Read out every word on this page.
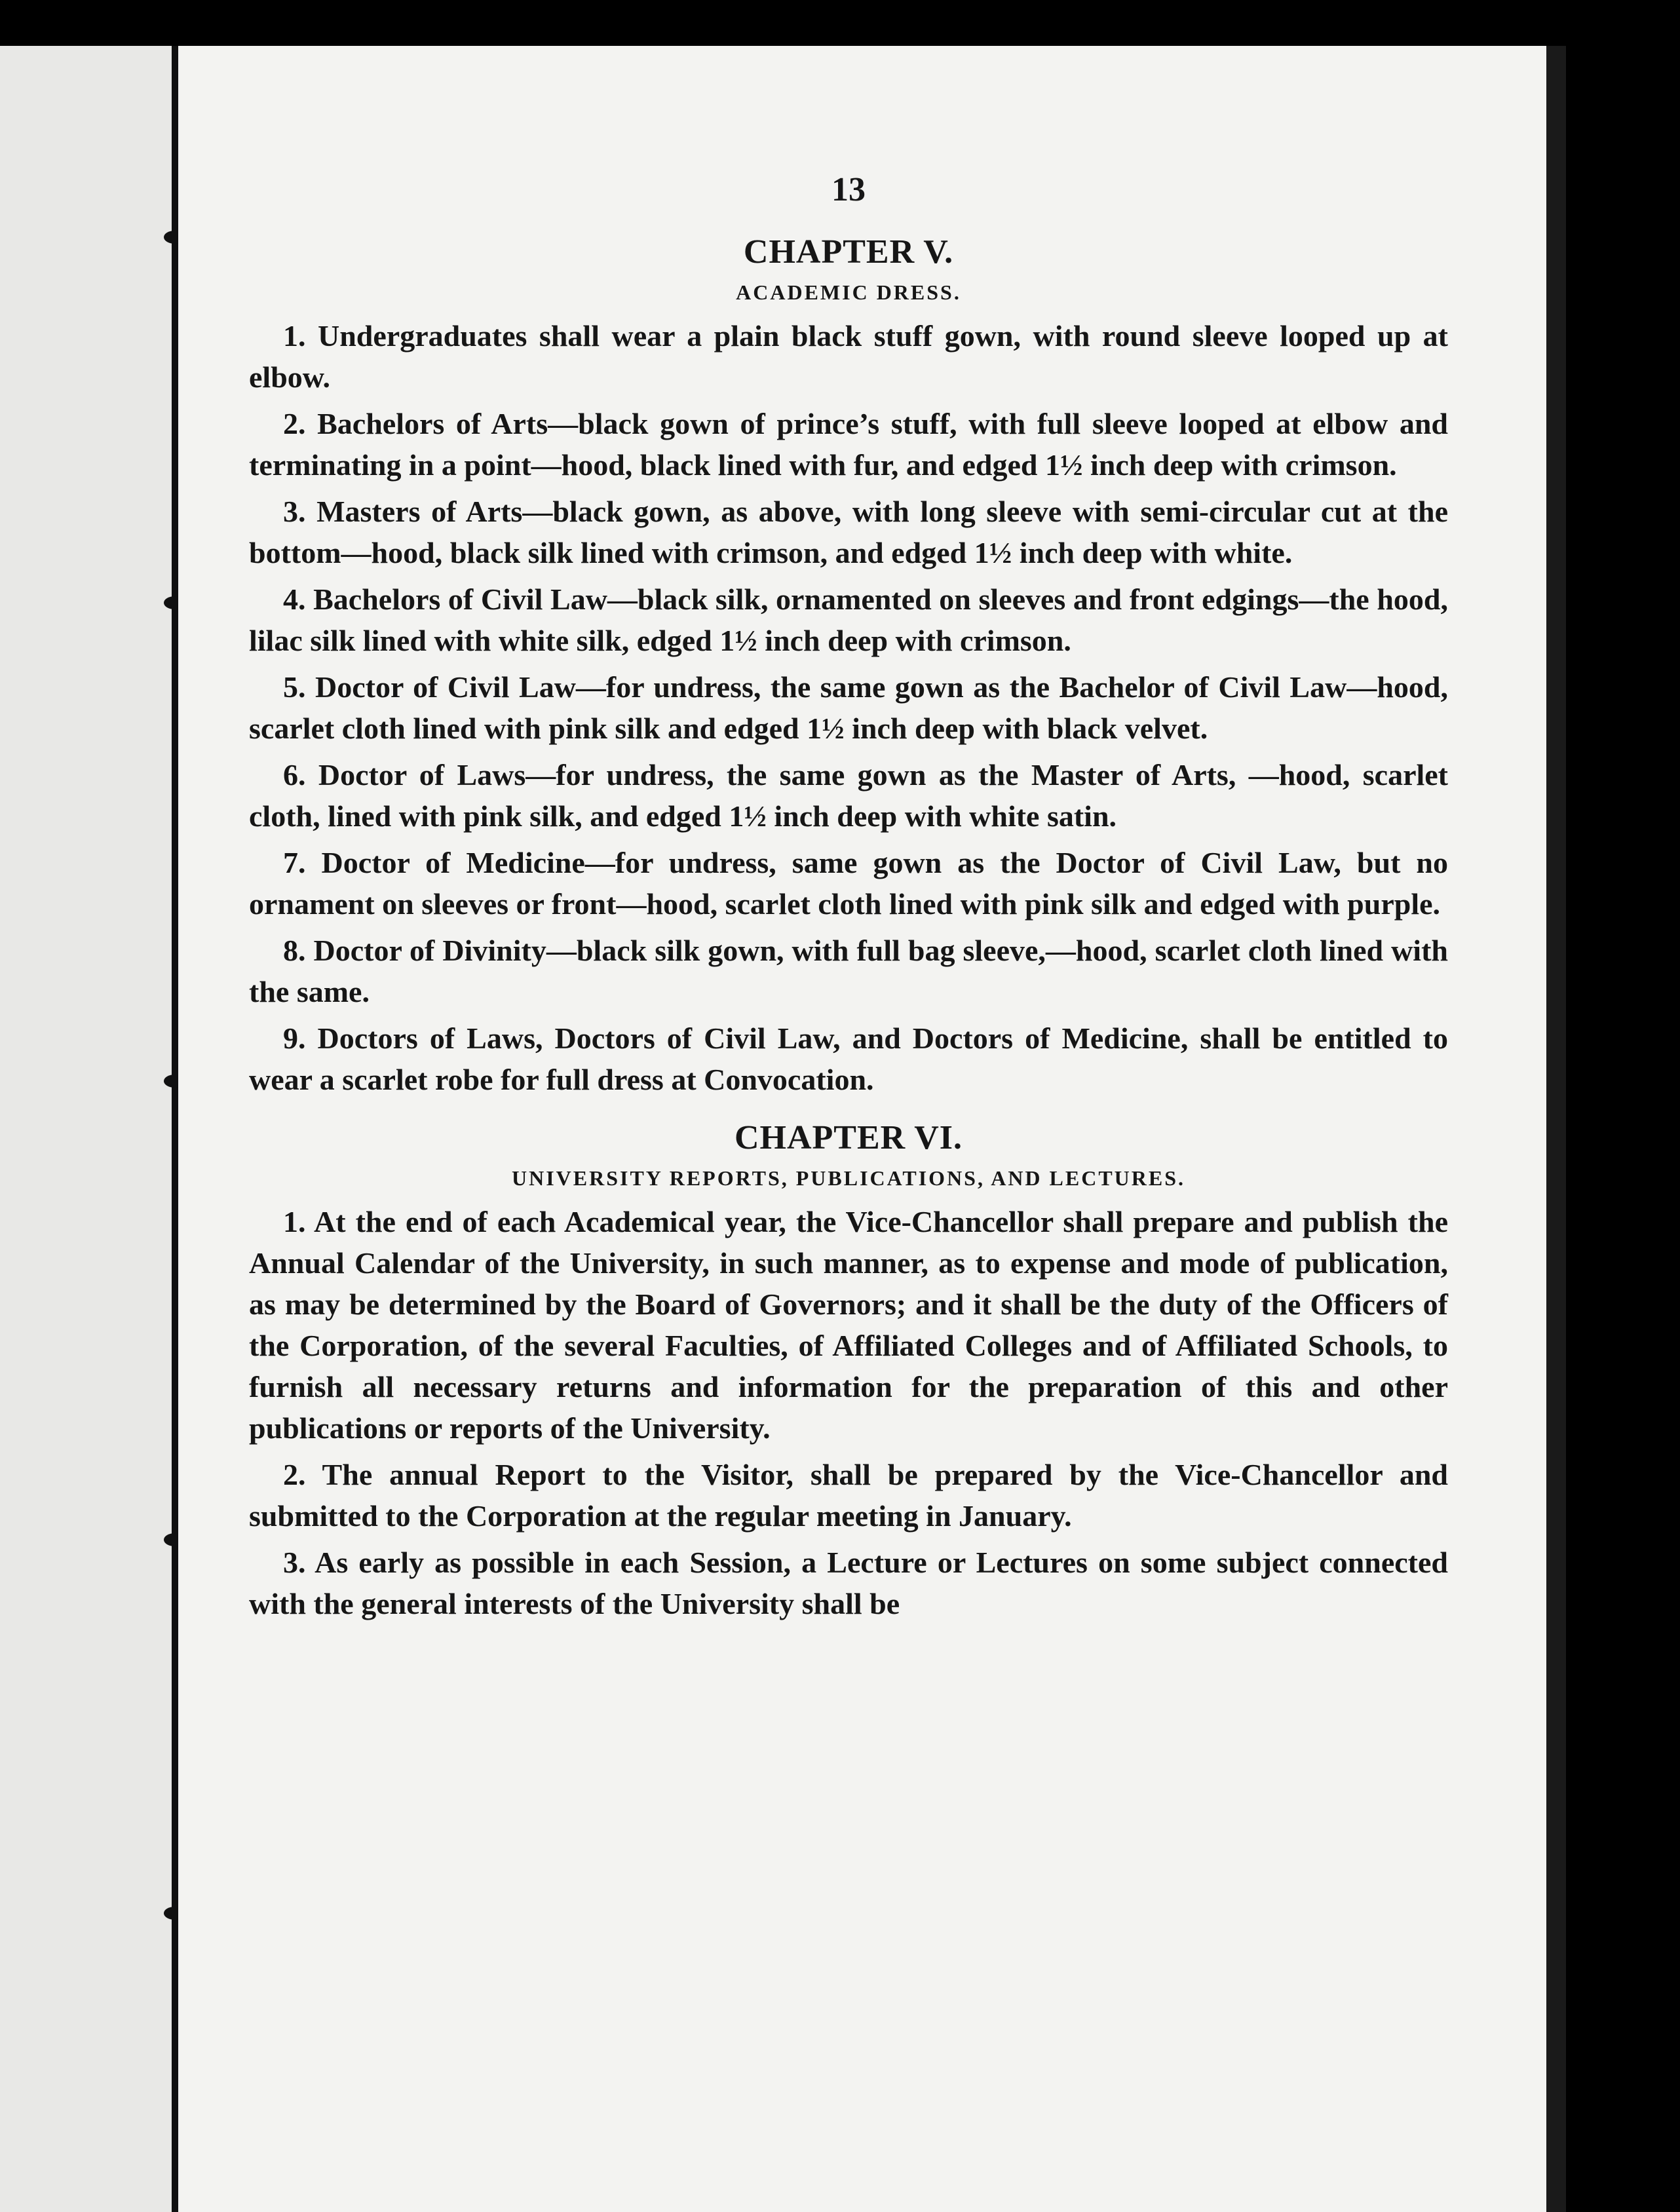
13
CHAPTER V.
ACADEMIC DRESS.

1. Undergraduates shall wear a plain black stuff gown, with round sleeve looped up at elbow.

2. Bachelors of Arts—black gown of prince’s stuff, with full sleeve looped at elbow and terminating in a point—hood, black lined with fur, and edged 1½ inch deep with crimson.

3. Masters of Arts—black gown, as above, with long sleeve with semi-circular cut at the bottom—hood, black silk lined with crimson, and edged 1½ inch deep with white.

4. Bachelors of Civil Law—black silk, ornamented on sleeves and front edgings—the hood, lilac silk lined with white silk, edged 1½ inch deep with crimson.

5. Doctor of Civil Law—for undress, the same gown as the Bachelor of Civil Law—hood, scarlet cloth lined with pink silk and edged 1½ inch deep with black velvet.

6. Doctor of Laws—for undress, the same gown as the Master of Arts, —hood, scarlet cloth, lined with pink silk, and edged 1½ inch deep with white satin.

7. Doctor of Medicine—for undress, same gown as the Doctor of Civil Law, but no ornament on sleeves or front—hood, scarlet cloth lined with pink silk and edged with purple.

8. Doctor of Divinity—black silk gown, with full bag sleeve,—hood, scarlet cloth lined with the same.

9. Doctors of Laws, Doctors of Civil Law, and Doctors of Medicine, shall be entitled to wear a scarlet robe for full dress at Convocation.

CHAPTER VI.
UNIVERSITY REPORTS, PUBLICATIONS, AND LECTURES.

1. At the end of each Academical year, the Vice-Chancellor shall prepare and publish the Annual Calendar of the University, in such manner, as to expense and mode of publication, as may be determined by the Board of Governors; and it shall be the duty of the Officers of the Corporation, of the several Faculties, of Affiliated Colleges and of Affiliated Schools, to furnish all necessary returns and information for the preparation of this and other publications or reports of the University.

2. The annual Report to the Visitor, shall be prepared by the Vice-Chancellor and submitted to the Corporation at the regular meeting in January.

3. As early as possible in each Session, a Lecture or Lectures on some subject connected with the general interests of the University shall be
